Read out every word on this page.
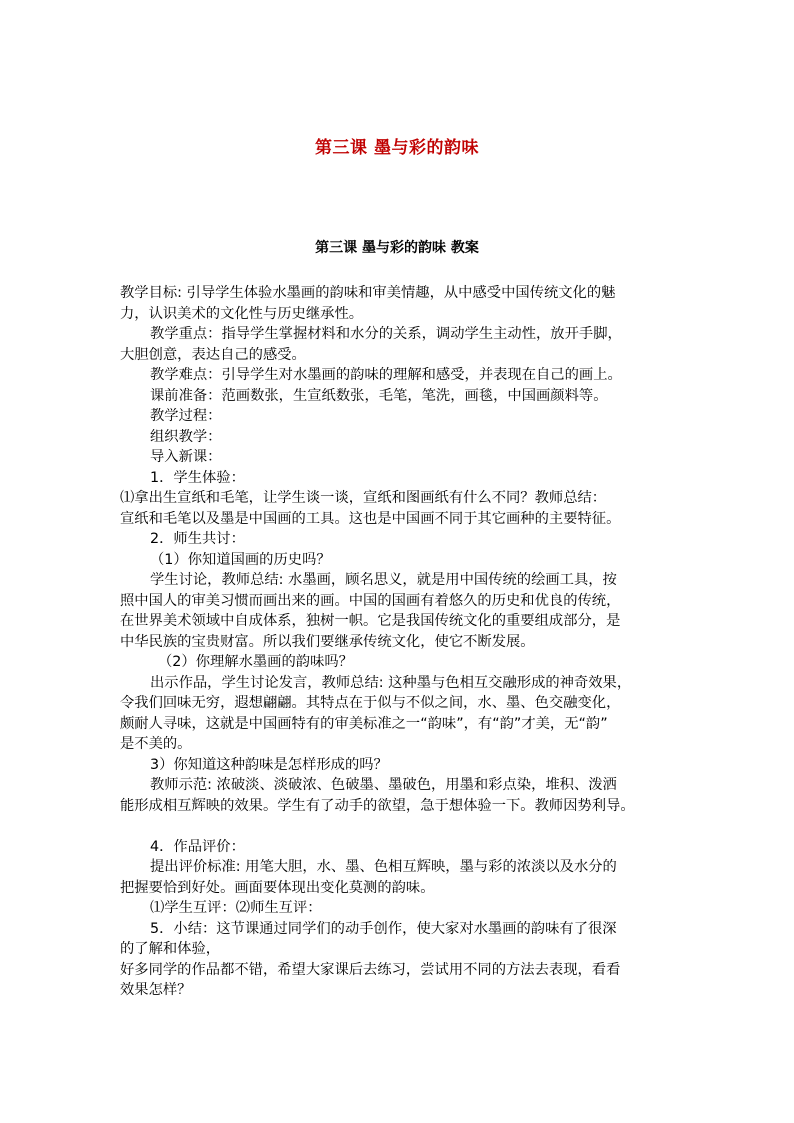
第三课 墨与彩的韵味
第三课 墨与彩的韵味 教案
教学目标: 引导学生体验水墨画的韵味和审美情趣，从中感受中国传统文化的魅
力，认识美术的文化性与历史继承性。
教学重点：指导学生掌握材料和水分的关系，调动学生主动性，放开手脚，
大胆创意，表达自己的感受。
教学难点：引导学生对水墨画的韵味的理解和感受，并表现在自己的画上。
课前准备：范画数张，生宣纸数张，毛笔，笔洗，画毯，中国画颜料等。
教学过程：
组织教学：
导入新课：
1．学生体验：
⑴拿出生宣纸和毛笔，让学生谈一谈，宣纸和图画纸有什么不同？教师总结：
宣纸和毛笔以及墨是中国画的工具。这也是中国画不同于其它画种的主要特征。
2．师生共讨：
（1）你知道国画的历史吗？
学生讨论，教师总结: 水墨画，顾名思义，就是用中国传统的绘画工具，按
照中国人的审美习惯而画出来的画。中国的国画有着悠久的历史和优良的传统，
在世界美术领域中自成体系，独树一帜。它是我国传统文化的重要组成部分，是
中华民族的宝贵财富。所以我们要继承传统文化，使它不断发展。
（2）你理解水墨画的韵味吗？
出示作品，学生讨论发言，教师总结: 这种墨与色相互交融形成的神奇效果，
令我们回味无穷，遐想翩翩。其特点在于似与不似之间，水、墨、色交融变化，
颇耐人寻味，这就是中国画特有的审美标准之一“韵味”，有“韵”才美，无“韵”
是不美的。
3）你知道这种韵味是怎样形成的吗？
教师示范: 浓破淡、淡破浓、色破墨、墨破色，用墨和彩点染，堆积、泼洒
能形成相互辉映的效果。学生有了动手的欲望，急于想体验一下。教师因势利导。
4．作品评价：
提出评价标准: 用笔大胆，水、墨、色相互辉映，墨与彩的浓淡以及水分的
把握要恰到好处。画面要体现出变化莫测的韵味。
⑴学生互评：⑵师生互评：
5．小结：这节课通过同学们的动手创作，使大家对水墨画的韵味有了很深
的了解和体验，
好多同学的作品都不错，希望大家课后去练习，尝试用不同的方法去表现，看看
效果怎样？
